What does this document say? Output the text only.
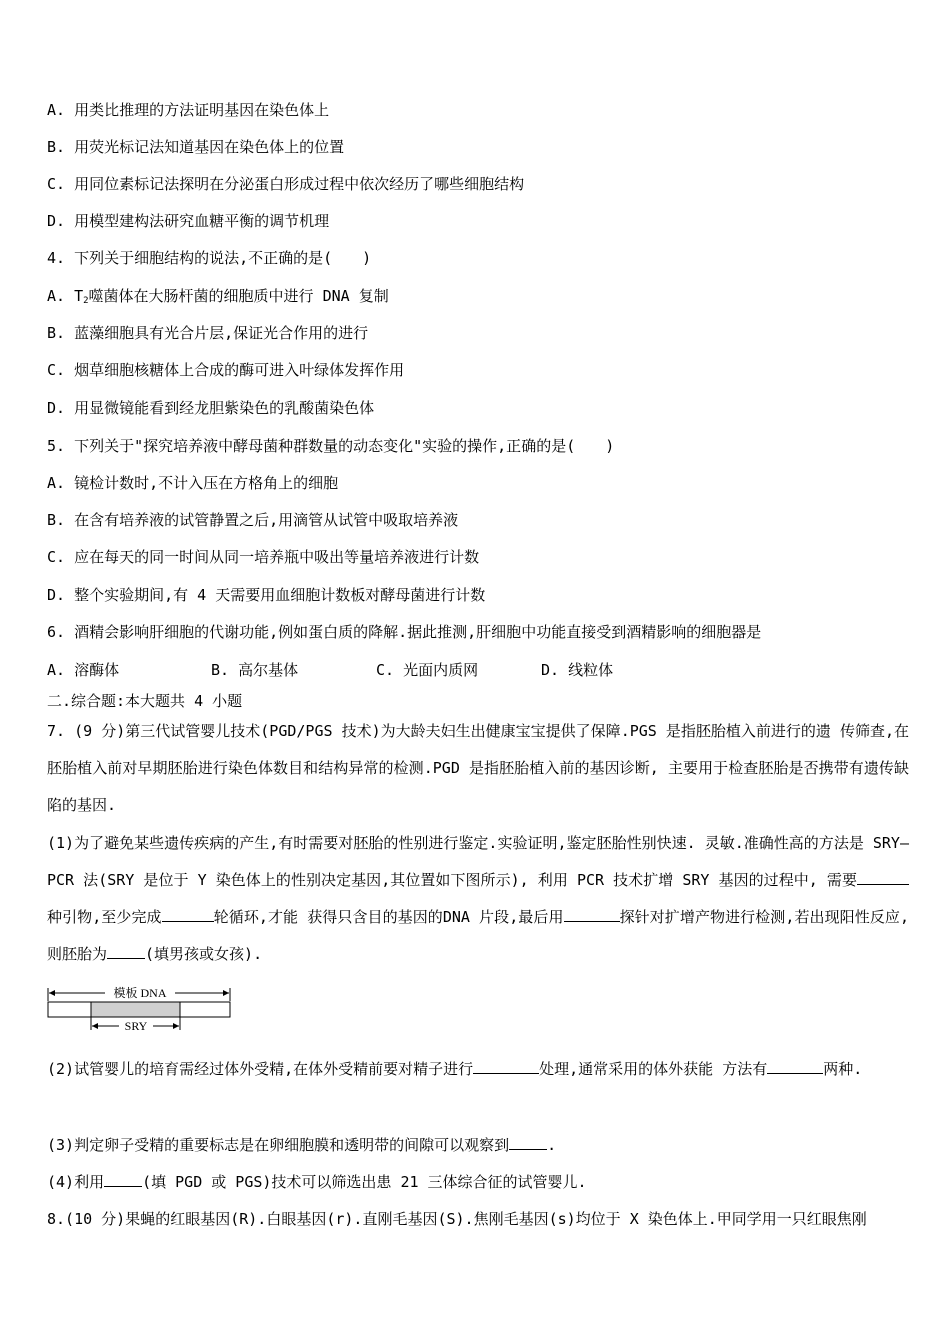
A. 用类比推理的方法证明基因在染色体上
B. 用荧光标记法知道基因在染色体上的位置
C. 用同位素标记法探明在分泌蛋白形成过程中依次经历了哪些细胞结构
D. 用模型建构法研究血糖平衡的调节机理
4. 下列关于细胞结构的说法,不正确的是(　　)
A. $T_2$噬菌体在大肠杆菌的细胞质中进行 DNA 复制
B. 蓝藻细胞具有光合片层,保证光合作用的进行
C. 烟草细胞核糖体上合成的酶可进入叶绿体发挥作用
D. 用显微镜能看到经龙胆紫染色的乳酸菌染色体
5. 下列关于"探究培养液中酵母菌种群数量的动态变化"实验的操作,正确的是(　　)
A. 镜检计数时,不计入压在方格角上的细胞
B. 在含有培养液的试管静置之后,用滴管从试管中吸取培养液
C. 应在每天的同一时间从同一培养瓶中吸出等量培养液进行计数
D. 整个实验期间,有 4 天需要用血细胞计数板对酵母菌进行计数
6. 酒精会影响肝细胞的代谢功能,例如蛋白质的降解.据此推测,肝细胞中功能直接受到酒精影响的细胞器是
A. 溶酶体	B. 高尔基体	C. 光面内质网	D. 线粒体
二.综合题:本大题共 4 小题
7. (9 分)第三代试管婴儿技术(PGD/PGS 技术)为大龄夫妇生出健康宝宝提供了保障.PGS 是指胚胎植入前进行的遗 传筛查,在胚胎植入前对早期胚胎进行染色体数目和结构异常的检测.PGD 是指胚胎植入前的基因诊断, 主要用于检查胚胎是否携带有遗传缺陷的基因.
(1)为了避免某些遗传疾病的产生,有时需要对胚胎的性别进行鉴定.实验证明,鉴定胚胎性别快速. 灵敏.准确性高的方法是 SRY—PCR 法(SRY 是位于 Y 染色体上的性别决定基因,其位置如下图所示), 利用 PCR 技术扩增 SRY 基因的过程中, 需要种引物,至少完成	轮循环,才能 获得只含目的基因的DNA 片段,最后用	探针对扩增产物进行检测,若出现阳性反应,则胚胎为	(填男孩或女孩).
模板 DNA
SRY
(2)试管婴儿的培育需经过体外受精,在体外受精前要对精子进行	处理,通常采用的体外获能 方法有	两种.
(3)判定卵子受精的重要标志是在卵细胞膜和透明带的间隙可以观察到	.
(4)利用	(填 PGD 或 PGS)技术可以筛选出患 21 三体综合征的试管婴儿.
8.(10 分)果蝇的红眼基因(R).白眼基因(r).直刚毛基因(S).焦刚毛基因(s)均位于 X 染色体上.甲同学用一只红眼焦刚
